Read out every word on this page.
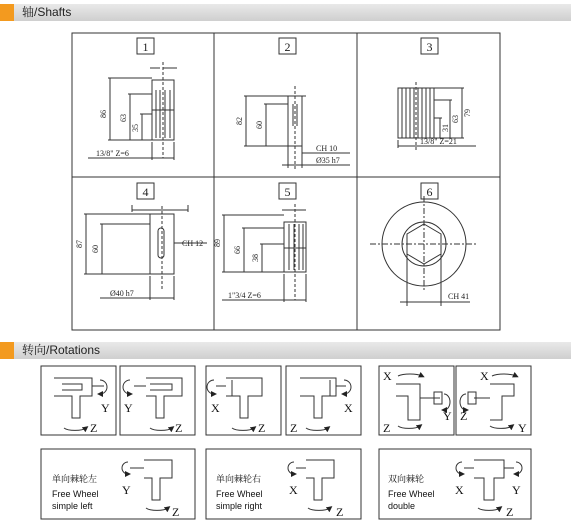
轴/Shafts
1	2	3
4	5	6
86 63
35
13/8" Z=6
82 60
CH 10
Ø35 h7
79
63
31
13/8" Z=21
87
60
CH 12
Ø40 h7
89
66
38
1"3/4 Z=6	CH 41
转向/Rotations
Y
Z
Y
Z
X
Z
X
Z
X
Y
Z
X
Z
Y
Y
Z
X
Z
X	Y
Z
单向棘轮左
Free Wheel
simple left
单向棘轮右
Free Wheel
simple right
双向棘轮
Free Wheel
double
